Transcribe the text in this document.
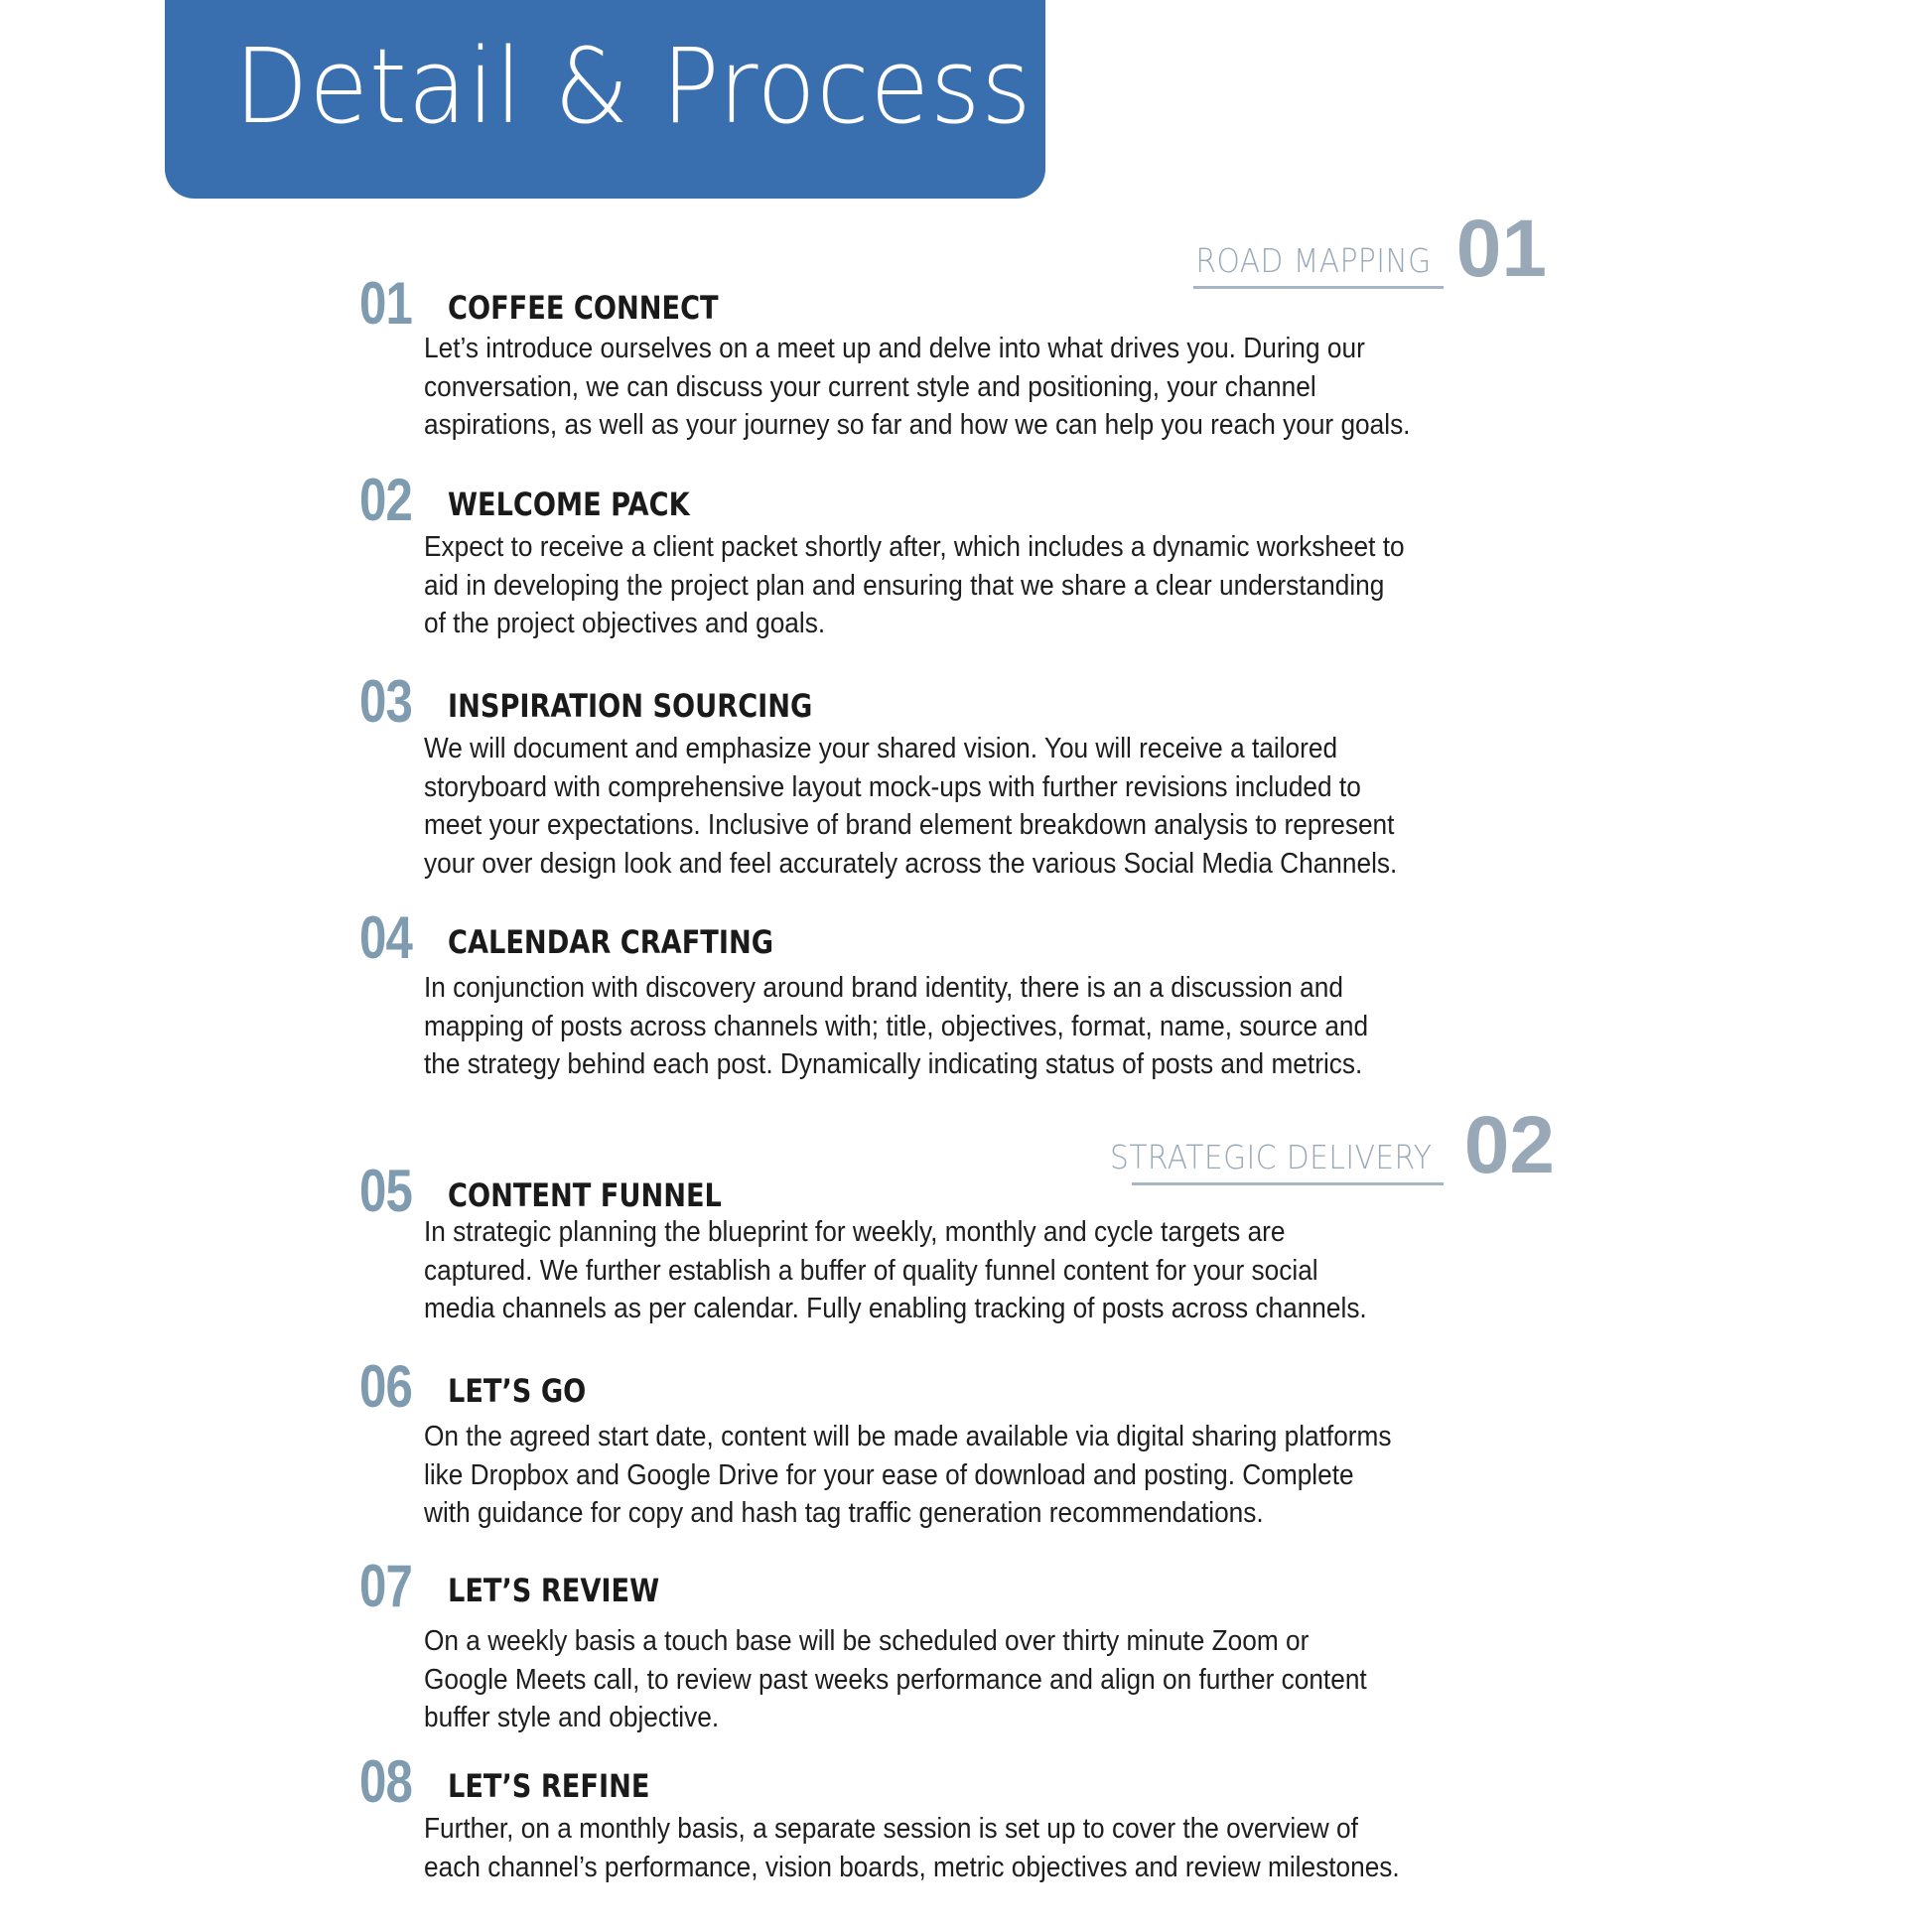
Detail & Process
ROAD MAPPING 01
STRATEGIC DELIVERY 02
01 COFFEE CONNECT
Let’s introduce ourselves on a meet up and delve into what drives you. During our
conversation, we can discuss your current style and positioning, your channel
aspirations, as well as your journey so far and how we can help you reach your goals.
02 WELCOME PACK
Expect to receive a client packet shortly after, which includes a dynamic worksheet to
aid in developing the project plan and ensuring that we share a clear understanding
of the project objectives and goals.
03 INSPIRATION SOURCING
We will document and emphasize your shared vision. You will receive a tailored
storyboard with comprehensive layout mock-ups with further revisions included to
meet your expectations. Inclusive of brand element breakdown analysis to represent
your over design look and feel accurately across the various Social Media Channels.
04 CALENDAR CRAFTING
In conjunction with discovery around brand identity, there is an a discussion and
mapping of posts across channels with; title, objectives, format, name, source and
the strategy behind each post. Dynamically indicating status of posts and metrics.
05 CONTENT FUNNEL
In strategic planning the blueprint for weekly, monthly and cycle targets are
captured. We further establish a buffer of quality funnel content for your social
media channels as per calendar. Fully enabling tracking of posts across channels.
06 LET’S GO
On the agreed start date, content will be made available via digital sharing platforms
like Dropbox and Google Drive for your ease of download and posting. Complete
with guidance for copy and hash tag traffic generation recommendations.
07 LET’S REVIEW
On a weekly basis a touch base will be scheduled over thirty minute Zoom or
Google Meets call, to review past weeks performance and align on further content
buffer style and objective.
08 LET’S REFINE
Further, on a monthly basis, a separate session is set up to cover the overview of
each channel’s performance, vision boards, metric objectives and review milestones.
